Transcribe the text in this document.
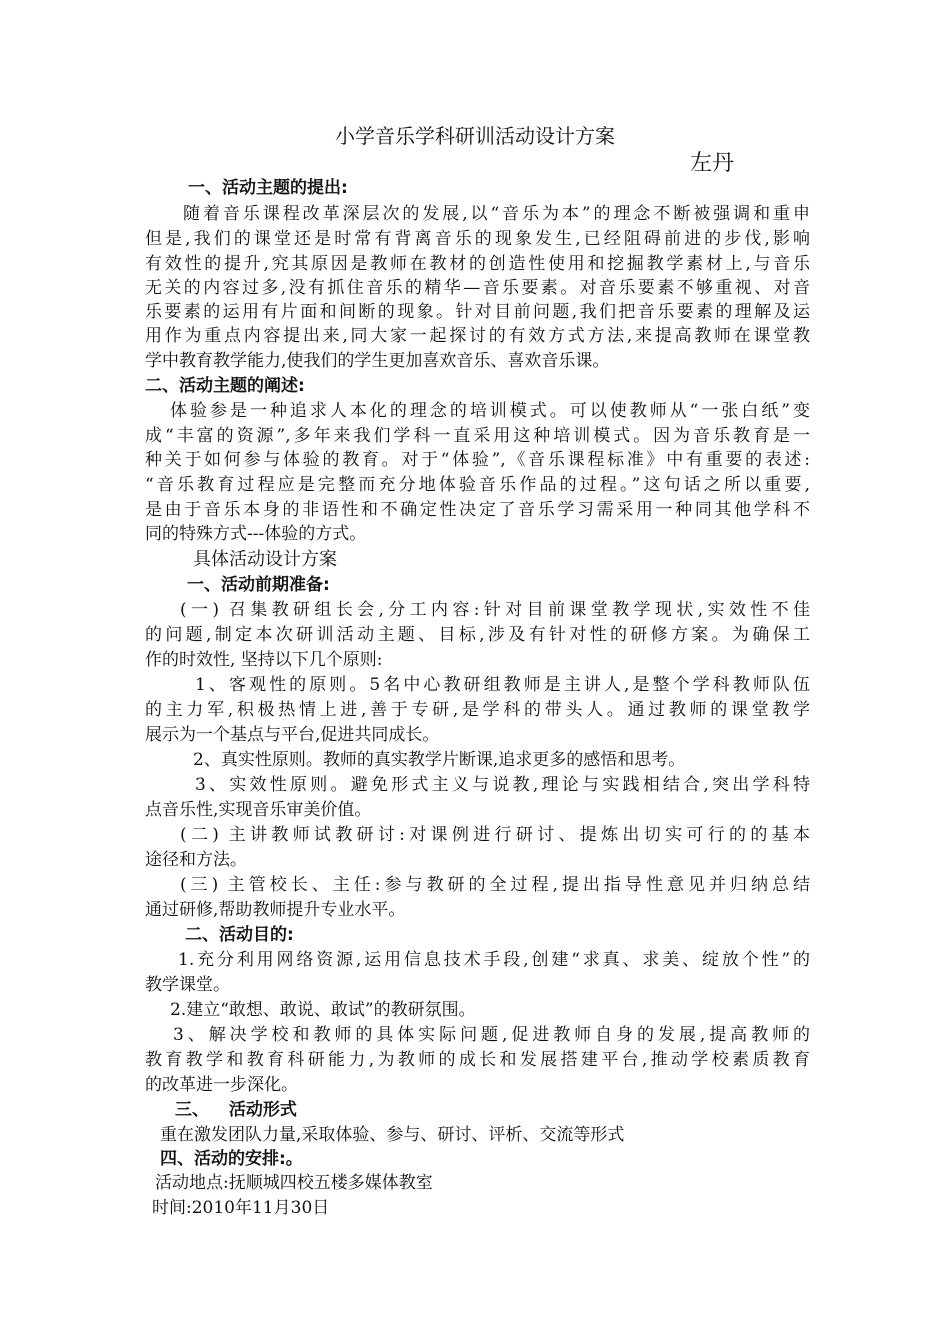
小学音乐学科研训活动设计方案
左丹
一、活动主题的提出:
随着音乐课程改革深层次的发展,以“音乐为本”的理念不断被强调和重申
但是,我们的课堂还是时常有背离音乐的现象发生,已经阻碍前进的步伐,影响
有效性的提升,究其原因是教师在教材的创造性使用和挖掘教学素材上,与音乐
无关的内容过多,没有抓住音乐的精华—音乐要素。对音乐要素不够重视、对音
乐要素的运用有片面和间断的现象。针对目前问题,我们把音乐要素的理解及运
用作为重点内容提出来,同大家一起探讨的有效方式方法,来提高教师在课堂教
学中教育教学能力,使我们的学生更加喜欢音乐、喜欢音乐课。
二、活动主题的阐述:
体验参是一种追求人本化的理念的培训模式。可以使教师从“一张白纸”变
成“丰富的资源”,多年来我们学科一直采用这种培训模式。因为音乐教育是一
种关于如何参与体验的教育。对于“体验”,《音乐课程标准》中有重要的表述:
“音乐教育过程应是完整而充分地体验音乐作品的过程。”这句话之所以重要,
是由于音乐本身的非语性和不确定性决定了音乐学习需采用一种同其他学科不
同的特殊方式---体验的方式。
具体活动设计方案
一、活动前期准备:
(一) 召集教研组长会,分工内容:针对目前课堂教学现状,实效性不佳
的问题,制定本次研训活动主题、目标,涉及有针对性的研修方案。为确保工
作的时效性, 坚持以下几个原则:
1、客观性的原则。5名中心教研组教师是主讲人,是整个学科教师队伍
的主力军,积极热情上进,善于专研,是学科的带头人。通过教师的课堂教学
展示为一个基点与平台,促进共同成长。
2、真实性原则。教师的真实教学片断课,追求更多的感悟和思考。
3、实效性原则。避免形式主义与说教,理论与实践相结合,突出学科特
点音乐性,实现音乐审美价值。
(二) 主讲教师试教研讨:对课例进行研讨、提炼出切实可行的的基本
途径和方法。
(三) 主管校长、主任:参与教研的全过程,提出指导性意见并归纳总结
通过研修,帮助教师提升专业水平。
二、活动目的:
1.充分利用网络资源,运用信息技术手段,创建“求真、求美、绽放个性”的
教学课堂。
2.建立“敢想、敢说、敢试”的教研氛围。
3、解决学校和教师的具体实际问题,促进教师自身的发展,提高教师的
教育教学和教育科研能力,为教师的成长和发展搭建平台,推动学校素质教育
的改革进一步深化。
三、 活动形式
重在激发团队力量,采取体验、参与、研讨、评析、交流等形式
四、活动的安排:。
活动地点:抚顺城四校五楼多媒体教室
时间:2010年11月30日
